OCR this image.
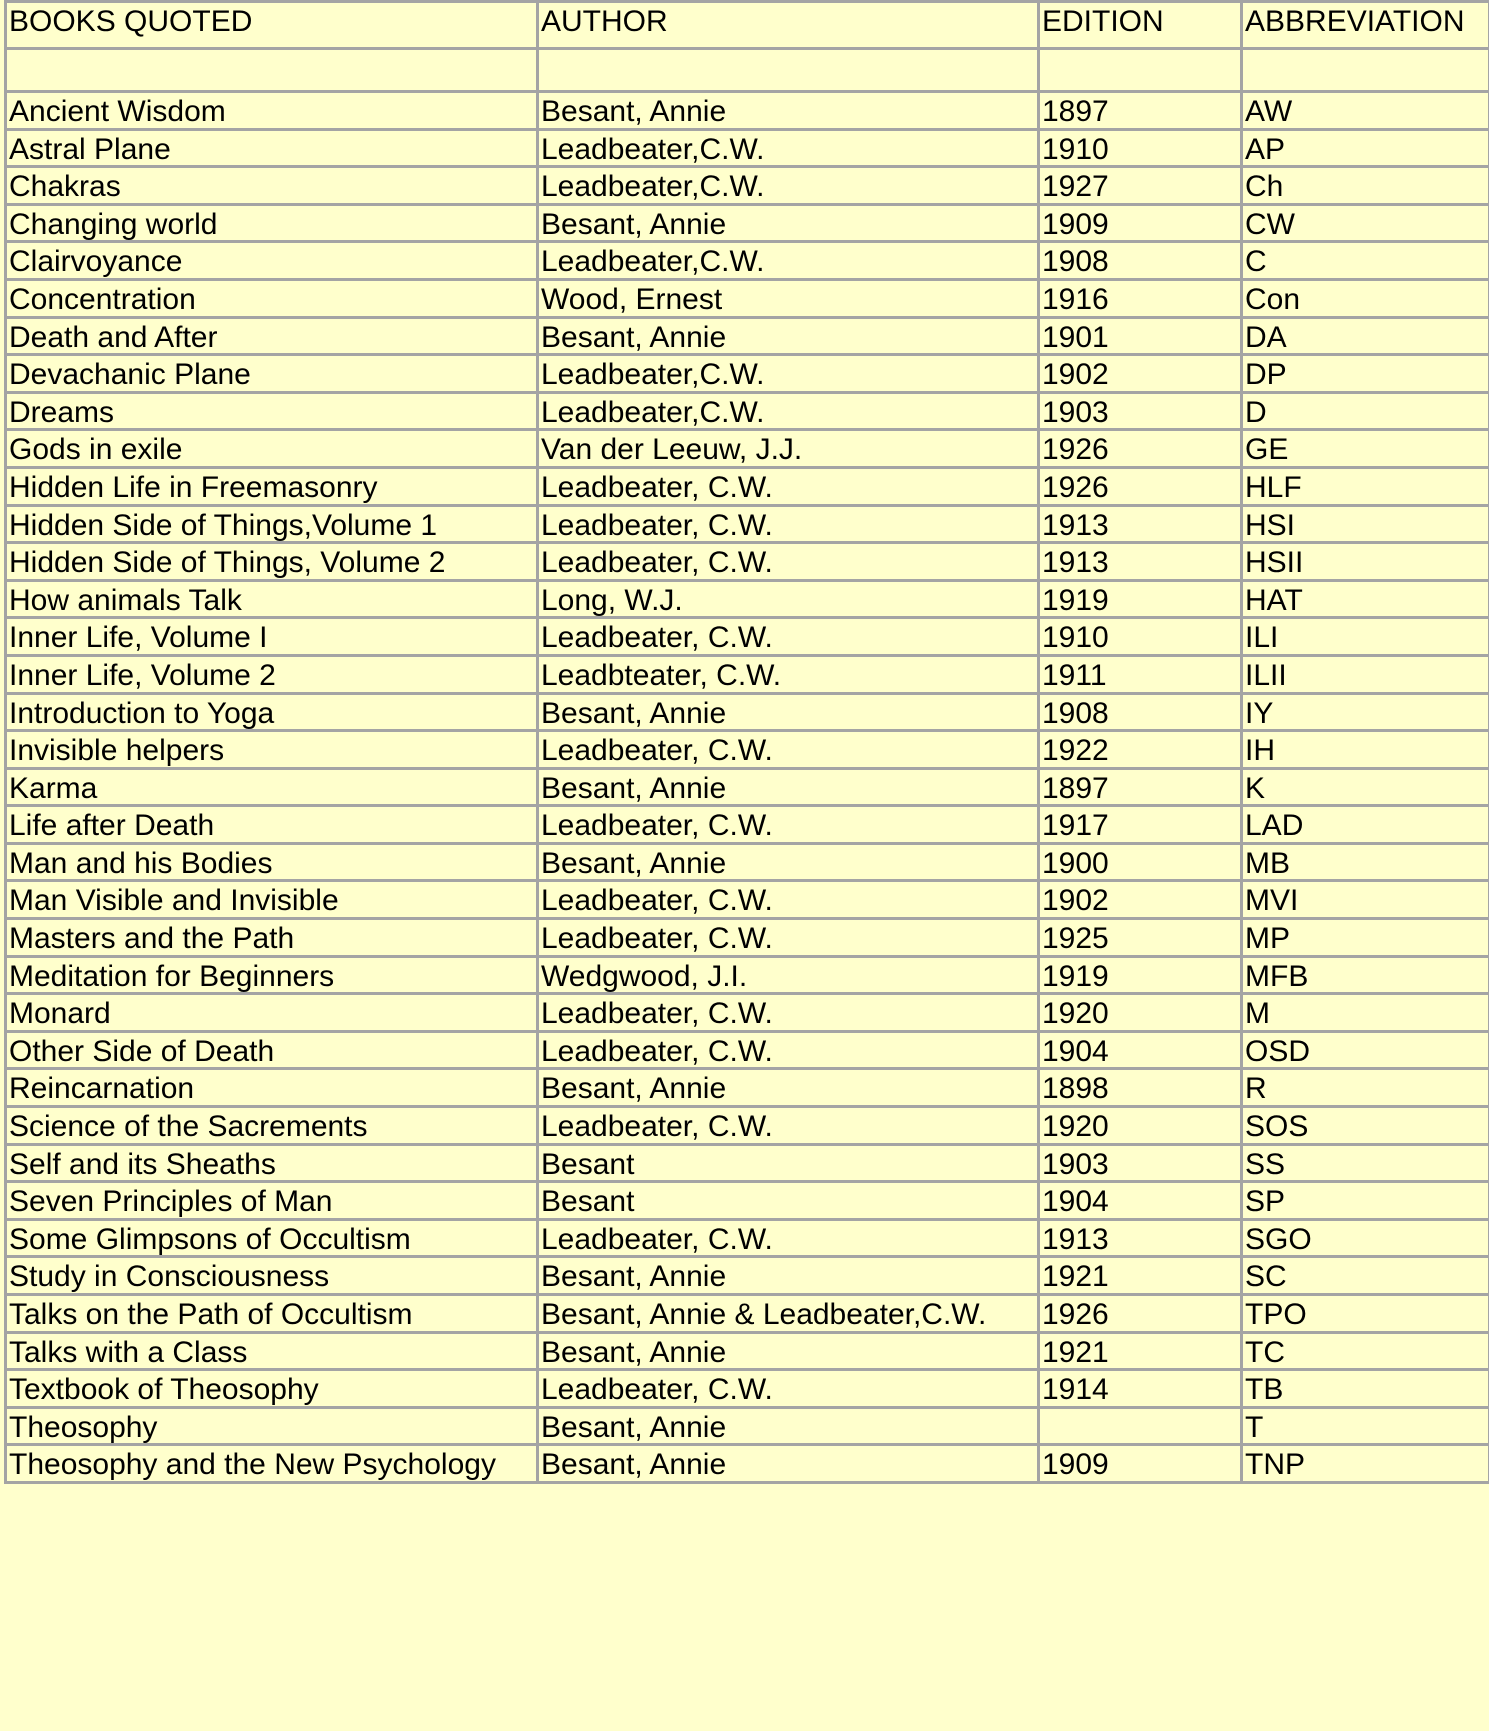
BOOKS QUOTED	AUTHOR	EDITION	ABBREVIATION

Ancient Wisdom	Besant, Annie	1897	AW
Astral Plane	Leadbeater,C.W.	1910	AP
Chakras	Leadbeater,C.W.	1927	Ch
Changing world	Besant, Annie	1909	CW
Clairvoyance	Leadbeater,C.W.	1908	C
Concentration	Wood, Ernest	1916	Con
Death and After	Besant, Annie	1901	DA
Devachanic Plane	Leadbeater,C.W.	1902	DP
Dreams	Leadbeater,C.W.	1903	D
Gods in exile	Van der Leeuw, J.J.	1926	GE
Hidden Life in Freemasonry	Leadbeater, C.W.	1926	HLF
Hidden Side of Things,Volume 1	Leadbeater, C.W.	1913	HSI
Hidden Side of Things, Volume 2	Leadbeater, C.W.	1913	HSII
How animals Talk	Long, W.J.	1919	HAT
Inner Life, Volume I	Leadbeater, C.W.	1910	ILI
Inner Life, Volume 2	Leadbteater, C.W.	1911	ILII
Introduction to Yoga	Besant, Annie	1908	IY
Invisible helpers	Leadbeater, C.W.	1922	IH
Karma	Besant, Annie	1897	K
Life after Death	Leadbeater, C.W.	1917	LAD
Man and his Bodies	Besant, Annie	1900	MB
Man Visible and Invisible	Leadbeater, C.W.	1902	MVI
Masters and the Path	Leadbeater, C.W.	1925	MP
Meditation for Beginners	Wedgwood, J.I.	1919	MFB
Monard	Leadbeater, C.W.	1920	M
Other Side of Death	Leadbeater, C.W.	1904	OSD
Reincarnation	Besant, Annie	1898	R
Science of the Sacrements	Leadbeater, C.W.	1920	SOS
Self and its Sheaths	Besant	1903	SS
Seven Principles of Man	Besant	1904	SP
Some Glimpsons of Occultism	Leadbeater, C.W.	1913	SGO
Study in Consciousness	Besant, Annie	1921	SC
Talks on the Path of Occultism	Besant, Annie & Leadbeater,C.W.	1926	TPO
Talks with a Class	Besant, Annie	1921	TC
Textbook of Theosophy	Leadbeater, C.W.	1914	TB
Theosophy	Besant, Annie		T
Theosophy and the New Psychology	Besant, Annie	1909	TNP
